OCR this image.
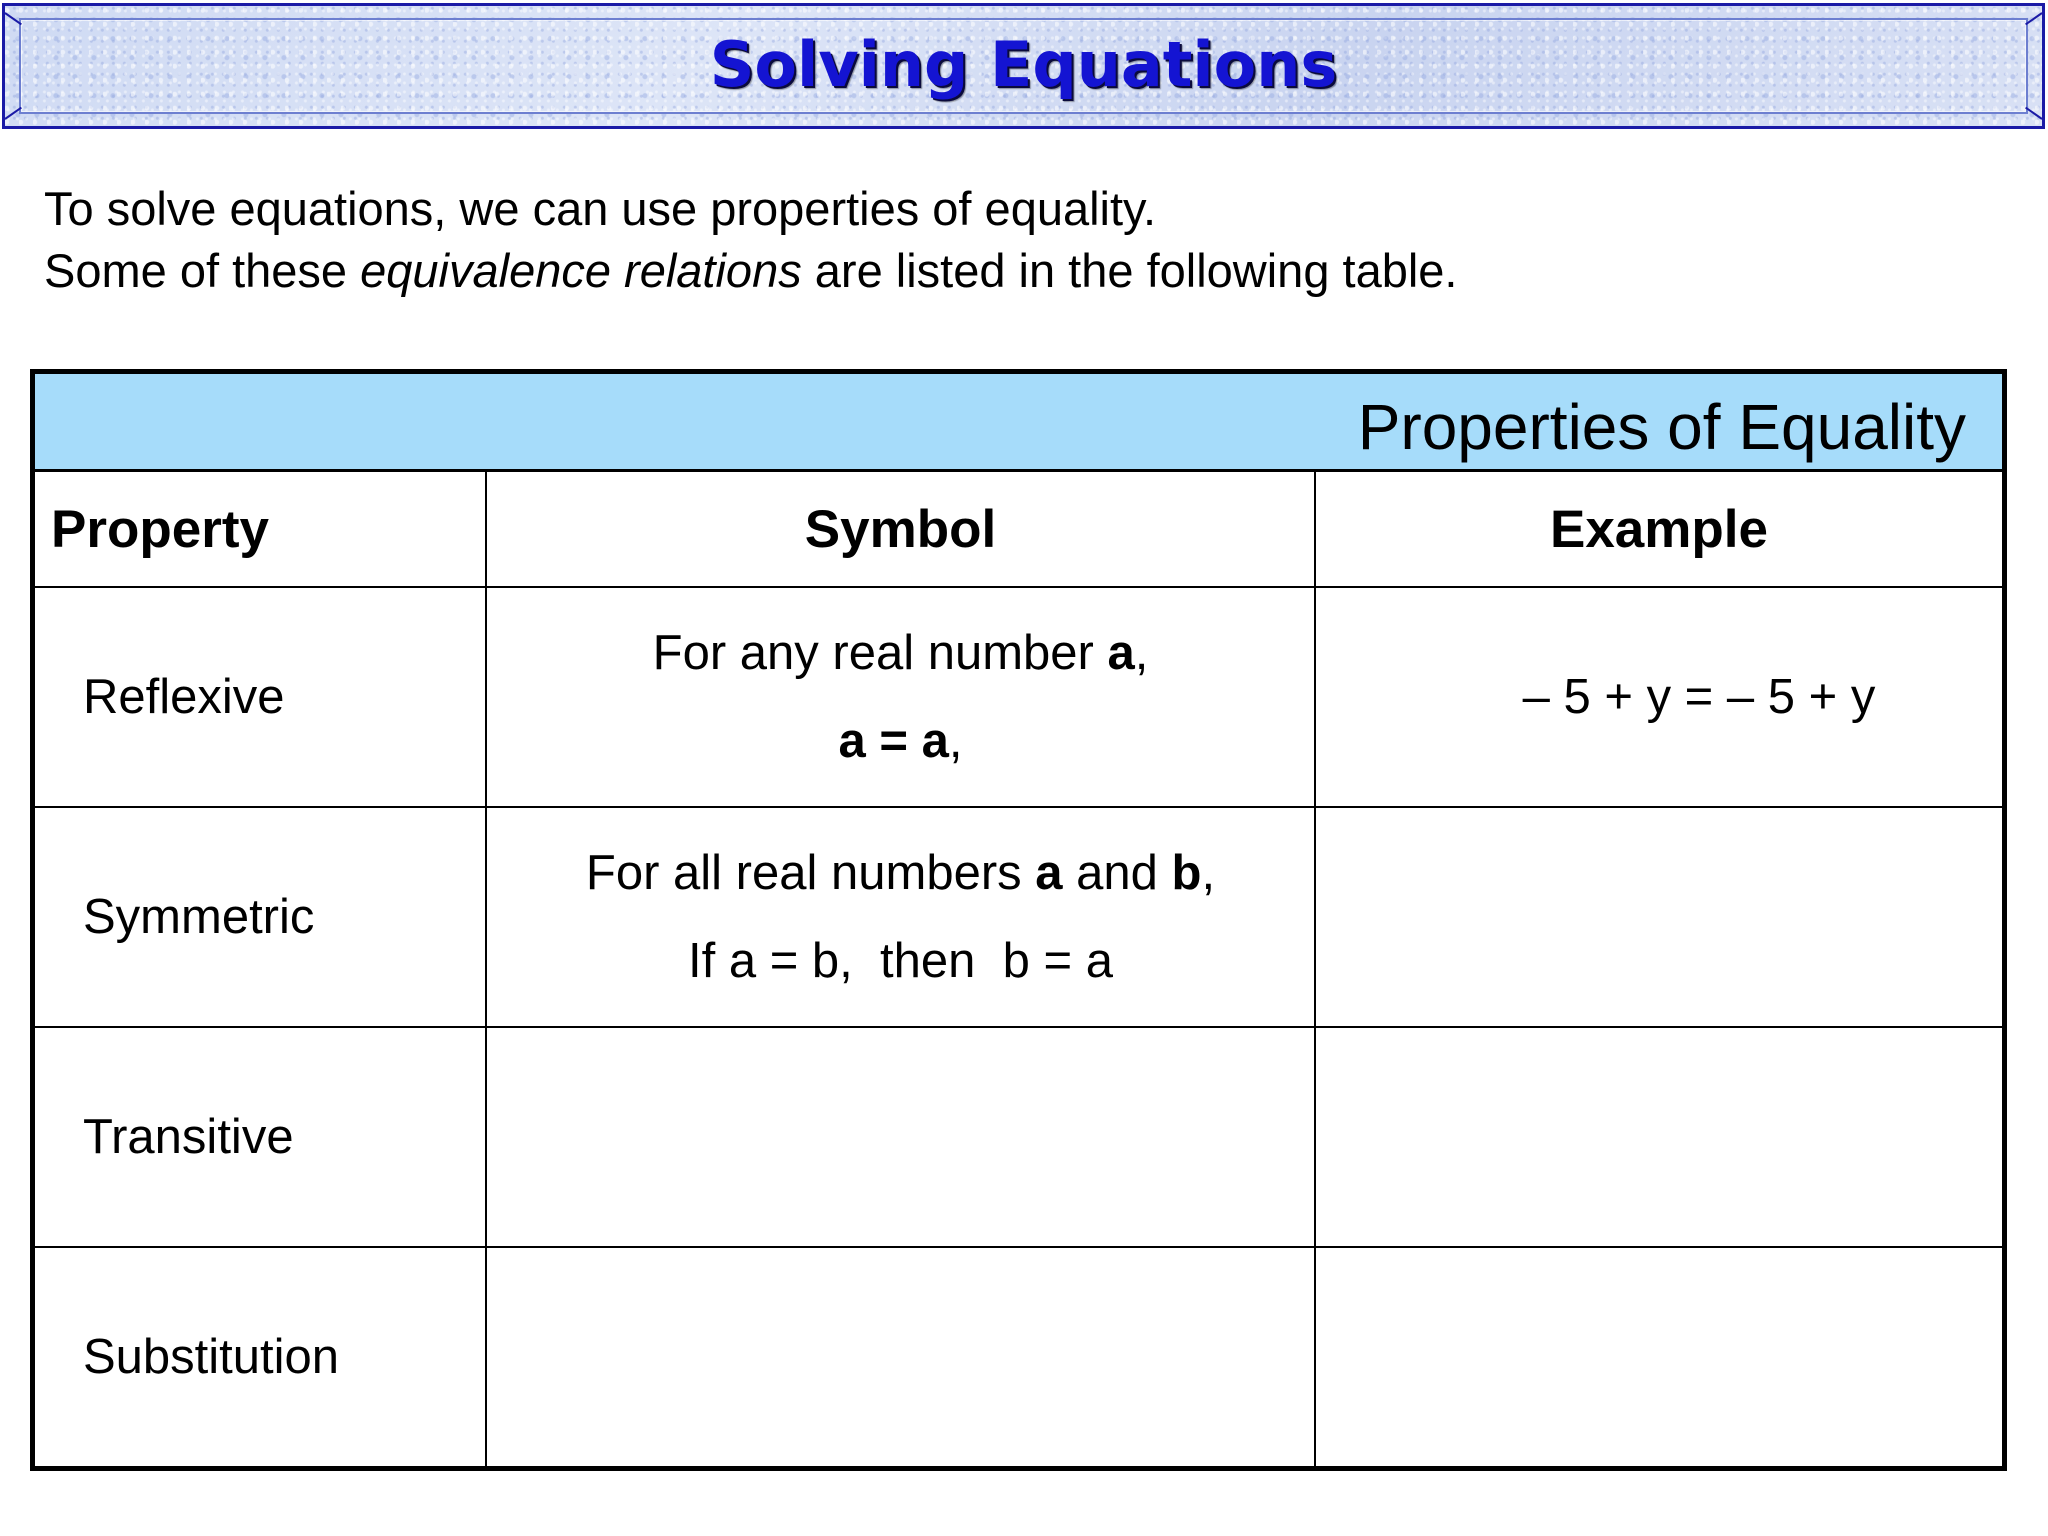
Solving Equations
To solve equations, we can use properties of equality.
Some of these equivalence relations are listed in the following table.
Properties of Equality
Property	Symbol	Example
Reflexive
For any real number a,
a = a,
– 5 + y = – 5 + y
Symmetric
For all real numbers a and b,
If a = b,  then  b = a
Transitive
Substitution
